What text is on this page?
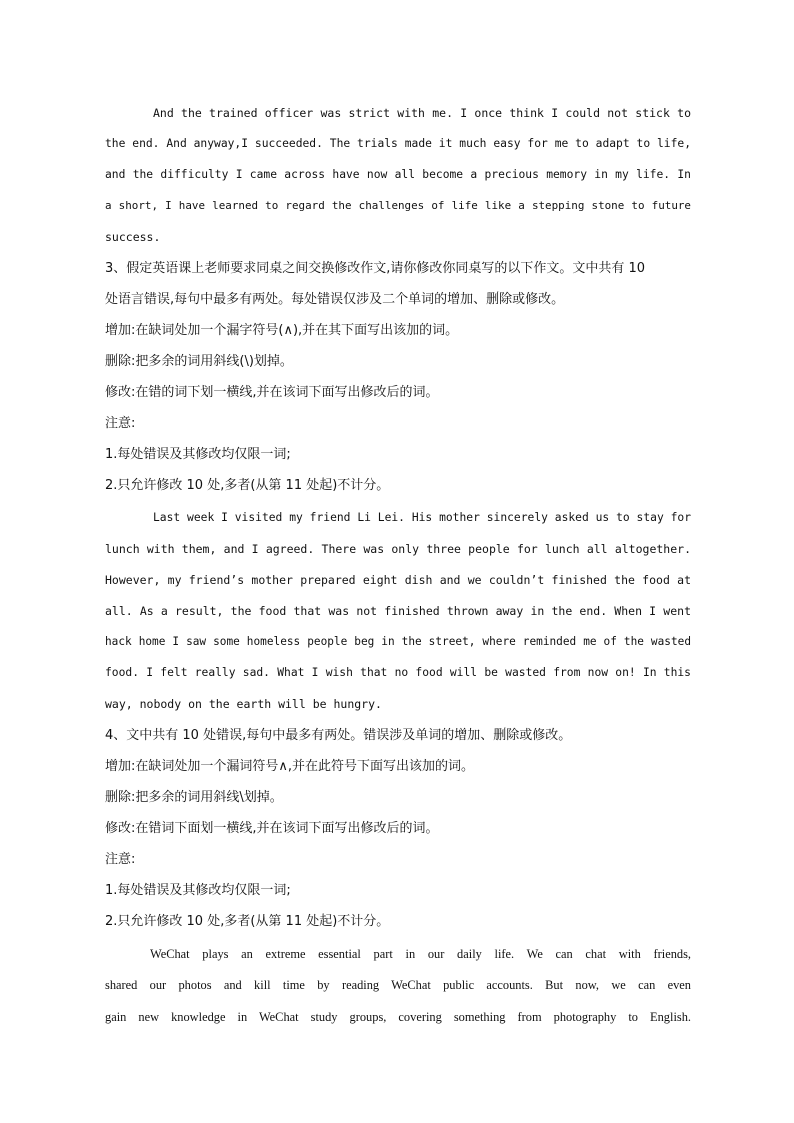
And the trained officer was strict with me. I once think I could not stick to
the end. And anyway,I succeeded. The trials made it much easy for me to adapt to life,
and the difficulty I came across have now all become a precious memory in my life. In
a short, I have learned to regard the challenges of life like a stepping stone to future
success.
3、假定英语课上老师要求同桌之间交换修改作文,请你修改你同桌写的以下作文。文中共有 10
处语言错误,每句中最多有两处。每处错误仅涉及二个单词的增加、删除或修改。
增加:在缺词处加一个漏字符号(∧),并在其下面写出该加的词。
删除:把多余的词用斜线(\)划掉。
修改:在错的词下划一横线,并在该词下面写出修改后的词。
注意:
1.每处错误及其修改均仅限一词;
2.只允许修改 10 处,多者(从第 11 处起)不计分。
Last week I visited my friend Li Lei. His mother sincerely asked us to stay for
lunch with them, and I agreed. There was only three people for lunch all altogether.
However, my friend’s mother prepared eight dish and we couldn’t finished the food at
all. As a result, the food that was not finished thrown away in the end. When I went
hack home I saw some homeless people beg in the street, where reminded me of the wasted
food. I felt really sad. What I wish that no food will be wasted from now on! In this
way, nobody on the earth will be hungry.
4、文中共有 10 处错误,每句中最多有两处。错误涉及单词的增加、删除或修改。
增加:在缺词处加一个漏词符号∧,并在此符号下面写出该加的词。
删除:把多余的词用斜线\划掉。
修改:在错词下面划一横线,并在该词下面写出修改后的词。
注意:
1.每处错误及其修改均仅限一词;
2.只允许修改 10 处,多者(从第 11 处起)不计分。
WeChat plays an extreme essential part in our daily life. We can chat with friends,
shared our photos and kill time by reading WeChat public accounts. But now, we can even
gain new knowledge in WeChat study groups, covering something from photography to English.
